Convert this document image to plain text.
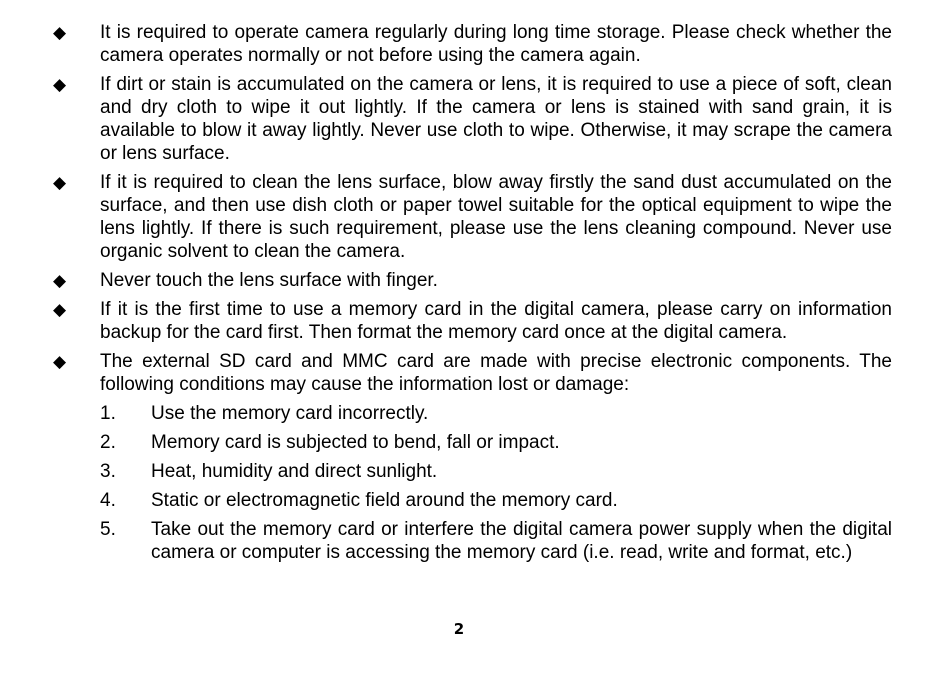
◆ It is required to operate camera regularly during long time storage. Please check whether the camera operates normally or not before using the camera again.
◆ If dirt or stain is accumulated on the camera or lens, it is required to use a piece of soft, clean and dry cloth to wipe it out lightly. If the camera or lens is stained with sand grain, it is available to blow it away lightly. Never use cloth to wipe. Otherwise, it may scrape the camera or lens surface.
◆ If it is required to clean the lens surface, blow away firstly the sand dust accumulated on the surface, and then use dish cloth or paper towel suitable for the optical equipment to wipe the lens lightly. If there is such requirement, please use the lens cleaning compound. Never use organic solvent to clean the camera.
◆ Never touch the lens surface with finger.
◆ If it is the first time to use a memory card in the digital camera, please carry on information backup for the card first. Then format the memory card once at the digital camera.
◆ The external SD card and MMC card are made with precise electronic components. The following conditions may cause the information lost or damage:
1. Use the memory card incorrectly.
2. Memory card is subjected to bend, fall or impact.
3. Heat, humidity and direct sunlight.
4. Static or electromagnetic field around the memory card.
5. Take out the memory card or interfere the digital camera power supply when the digital camera or computer is accessing the memory card (i.e. read, write and format, etc.)
2
